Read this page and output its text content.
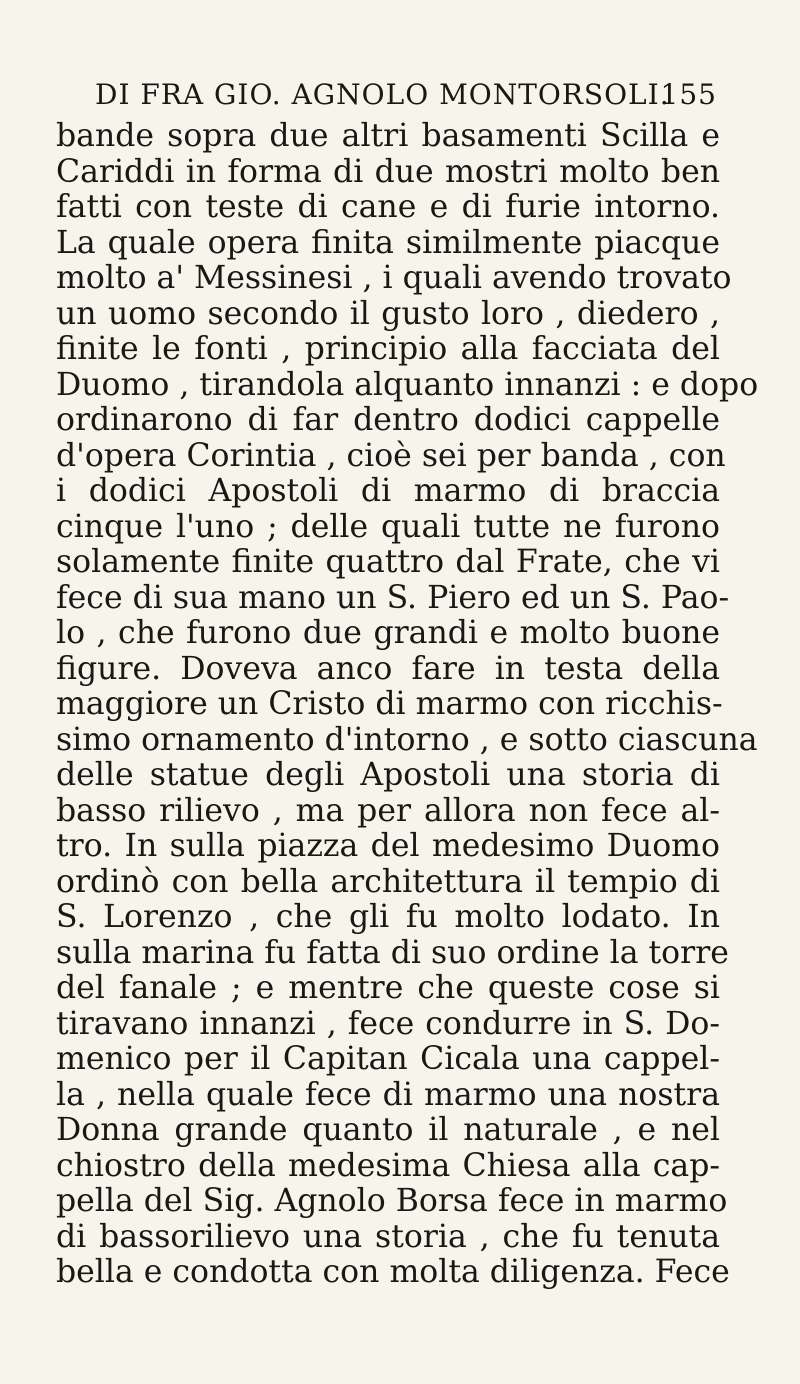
DI FRA GIO. AGNOLO MONTORSOLI.
155
bande sopra due altri basamenti Scilla e
Cariddi in forma di due mostri molto ben
fatti con teste di cane e di furie intorno.
La quale opera finita similmente piacque
molto a' Messinesi , i quali avendo trovato
un uomo secondo il gusto loro , diedero ,
finite le fonti , principio alla facciata del
Duomo , tirandola alquanto innanzi : e dopo
ordinarono di far dentro dodici cappelle
d'opera Corintia , cioè sei per banda , con
i dodici Apostoli di marmo di braccia
cinque l'uno ; delle quali tutte ne furono
solamente finite quattro dal Frate, che vi
fece di sua mano un S. Piero ed un S. Pao-
lo , che furono due grandi e molto buone
figure. Doveva anco fare in testa della
maggiore un Cristo di marmo con ricchis-
simo ornamento d'intorno , e sotto ciascuna
delle statue degli Apostoli una storia di
basso rilievo , ma per allora non fece al-
tro. In sulla piazza del medesimo Duomo
ordinò con bella architettura il tempio di
S. Lorenzo , che gli fu molto lodato. In
sulla marina fu fatta di suo ordine la torre
del fanale ; e mentre che queste cose si
tiravano innanzi , fece condurre in S. Do-
menico per il Capitan Cicala una cappel-
la , nella quale fece di marmo una nostra
Donna grande quanto il naturale , e nel
chiostro della medesima Chiesa alla cap-
pella del Sig. Agnolo Borsa fece in marmo
di bassorilievo una storia , che fu tenuta
bella e condotta con molta diligenza. Fece
